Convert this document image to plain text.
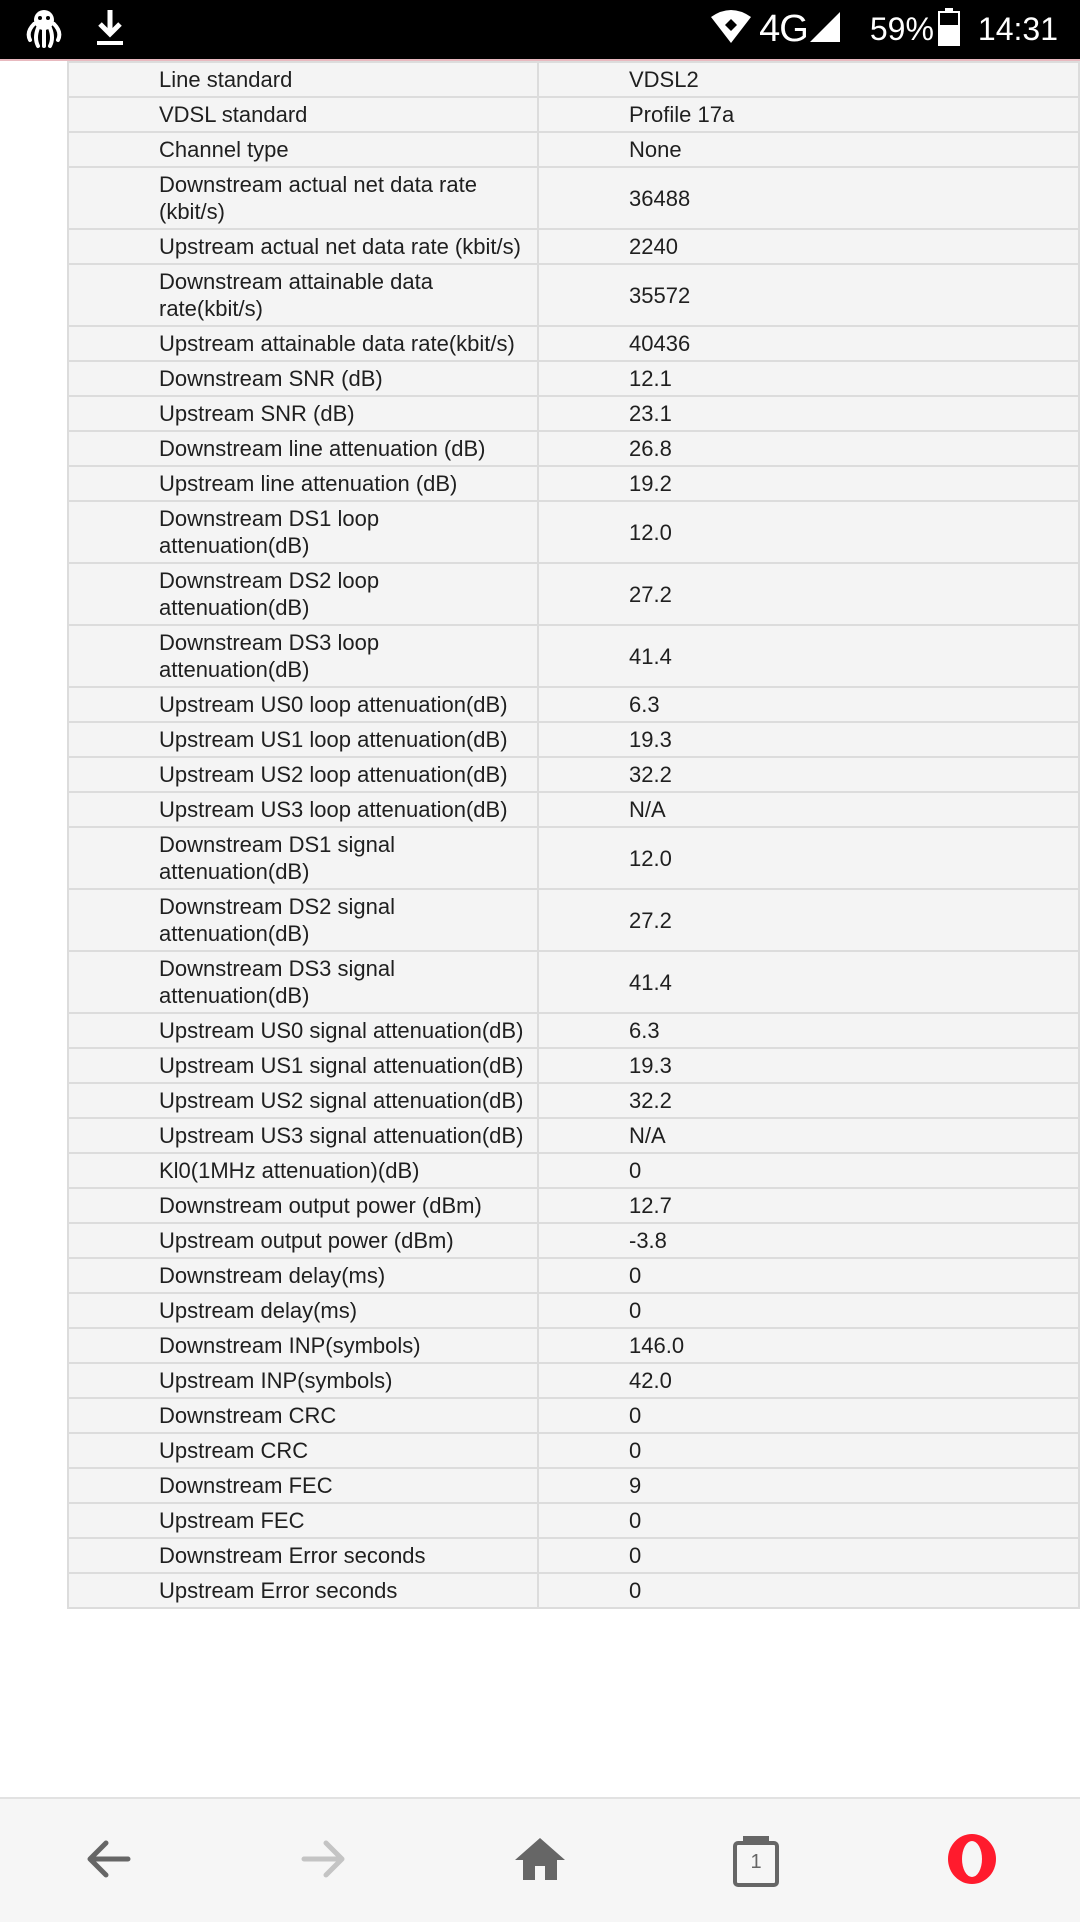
4G 59% 14:31
Line standard	VDSL2
VDSL standard	Profile 17a
Channel type	None
Downstream actual net data rate (kbit/s)	36488
Upstream actual net data rate (kbit/s)	2240
Downstream attainable data rate(kbit/s)	35572
Upstream attainable data rate(kbit/s)	40436
Downstream SNR (dB)	12.1
Upstream SNR (dB)	23.1
Downstream line attenuation (dB)	26.8
Upstream line attenuation (dB)	19.2
Downstream DS1 loop attenuation(dB)	12.0
Downstream DS2 loop attenuation(dB)	27.2
Downstream DS3 loop attenuation(dB)	41.4
Upstream US0 loop attenuation(dB)	6.3
Upstream US1 loop attenuation(dB)	19.3
Upstream US2 loop attenuation(dB)	32.2
Upstream US3 loop attenuation(dB)	N/A
Downstream DS1 signal attenuation(dB)	12.0
Downstream DS2 signal attenuation(dB)	27.2
Downstream DS3 signal attenuation(dB)	41.4
Upstream US0 signal attenuation(dB)	6.3
Upstream US1 signal attenuation(dB)	19.3
Upstream US2 signal attenuation(dB)	32.2
Upstream US3 signal attenuation(dB)	N/A
Kl0(1MHz attenuation)(dB)	0
Downstream output power (dBm)	12.7
Upstream output power (dBm)	-3.8
Downstream delay(ms)	0
Upstream delay(ms)	0
Downstream INP(symbols)	146.0
Upstream INP(symbols)	42.0
Downstream CRC	0
Upstream CRC	0
Downstream FEC	9
Upstream FEC	0
Downstream Error seconds	0
Upstream Error seconds	0
1
